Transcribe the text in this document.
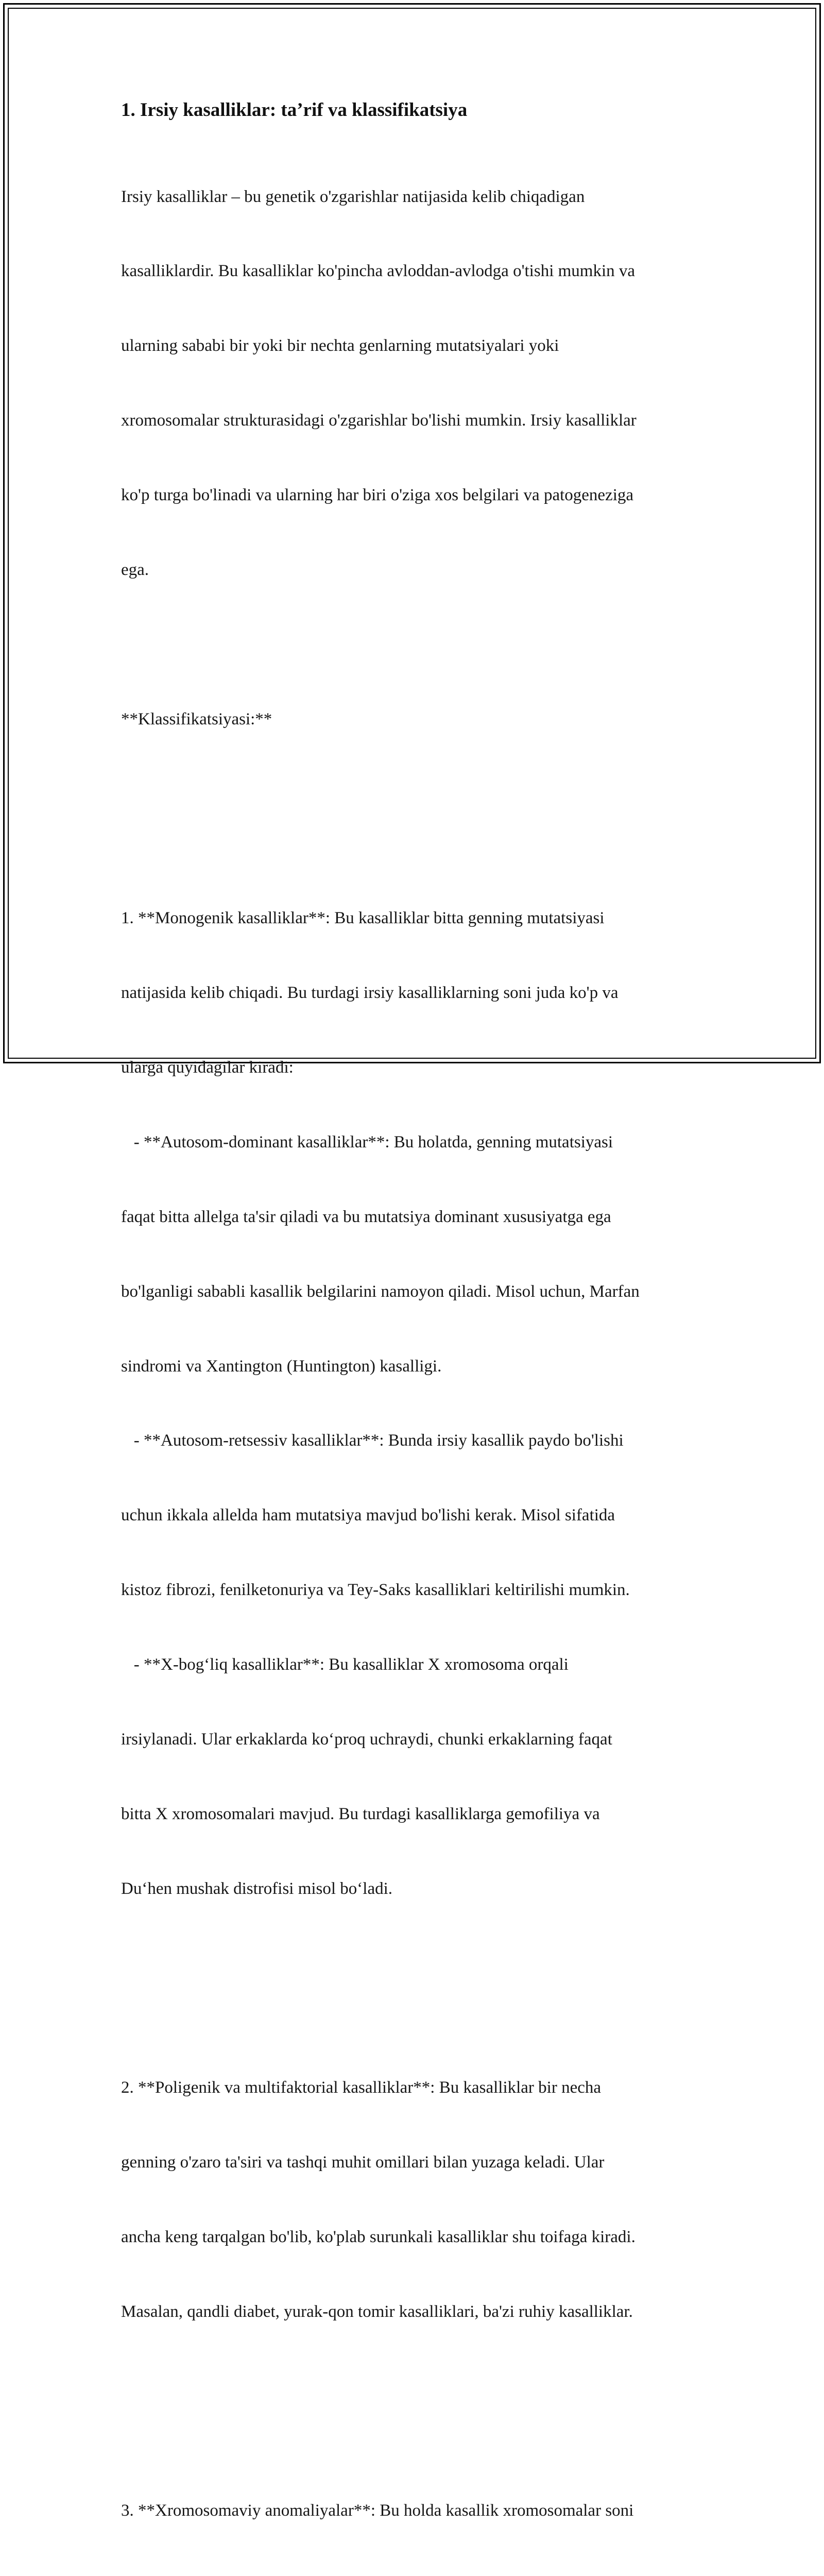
1. Irsiy kasalliklar: ta’rif va klassifikatsiya

Irsiy kasalliklar – bu genetik o'zgarishlar natijasida kelib chiqadigan

kasalliklardir. Bu kasalliklar ko'pincha avloddan-avlodga o'tishi mumkin va

ularning sababi bir yoki bir nechta genlarning mutatsiyalari yoki

xromosomalar strukturasidagi o'zgarishlar bo'lishi mumkin. Irsiy kasalliklar

ko'p turga bo'linadi va ularning har biri o'ziga xos belgilari va patogeneziga

ega.

**Klassifikatsiyasi:**

1. **Monogenik kasalliklar**: Bu kasalliklar bitta genning mutatsiyasi

natijasida kelib chiqadi. Bu turdagi irsiy kasalliklarning soni juda ko'p va

ularga quyidagilar kiradi:

- **Autosom-dominant kasalliklar**: Bu holatda, genning mutatsiyasi

faqat bitta allelga ta'sir qiladi va bu mutatsiya dominant xususiyatga ega

bo'lganligi sababli kasallik belgilarini namoyon qiladi. Misol uchun, Marfan

sindromi va Xantington (Huntington) kasalligi.

- **Autosom-retsessiv kasalliklar**: Bunda irsiy kasallik paydo bo'lishi

uchun ikkala allelda ham mutatsiya mavjud bo'lishi kerak. Misol sifatida

kistoz fibrozi, fenilketonuriya va Tey-Saks kasalliklari keltirilishi mumkin.

- **X-bog‘liq kasalliklar**: Bu kasalliklar X xromosoma orqali

irsiylanadi. Ular erkaklarda ko‘proq uchraydi, chunki erkaklarning faqat

bitta X xromosomalari mavjud. Bu turdagi kasalliklarga gemofiliya va

Du‘hen mushak distrofisi misol bo‘ladi.

2. **Poligenik va multifaktorial kasalliklar**: Bu kasalliklar bir necha

genning o'zaro ta'siri va tashqi muhit omillari bilan yuzaga keladi. Ular

ancha keng tarqalgan bo'lib, ko'plab surunkali kasalliklar shu toifaga kiradi.

Masalan, qandli diabet, yurak-qon tomir kasalliklari, ba'zi ruhiy kasalliklar.

3. **Xromosomaviy anomaliyalar**: Bu holda kasallik xromosomalar soni
